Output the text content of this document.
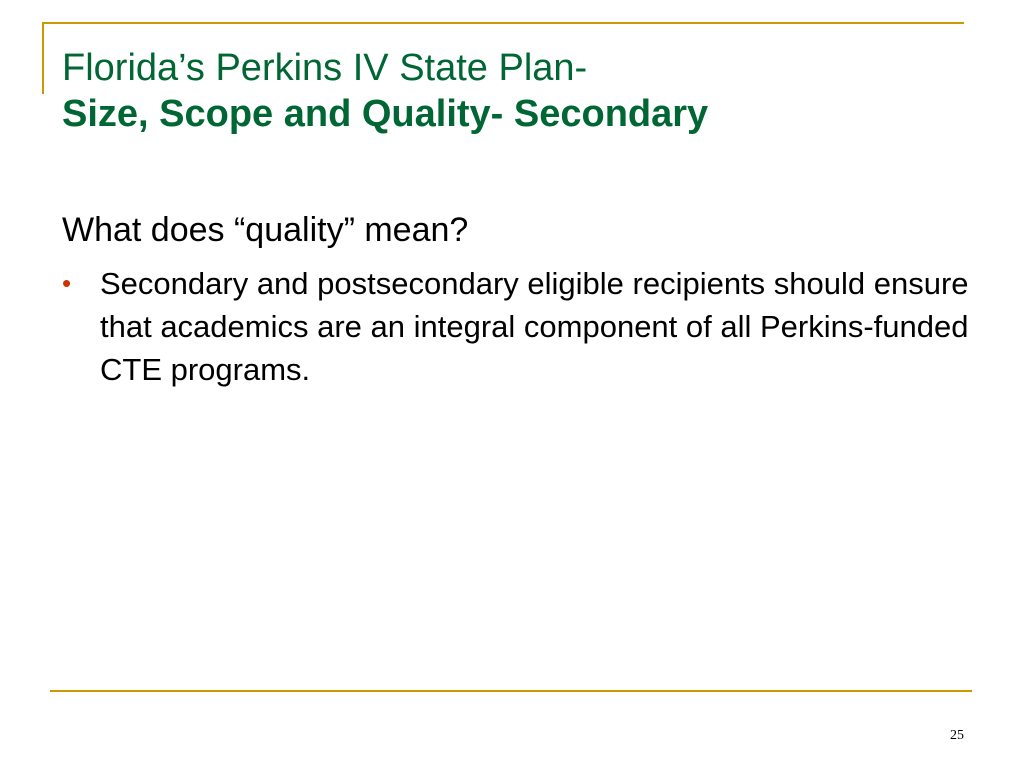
Florida’s Perkins IV State Plan-
Size, Scope and Quality- Secondary
What does “quality” mean?
• Secondary and postsecondary eligible recipients should ensure that academics are an integral component of all Perkins-funded CTE programs.
25
